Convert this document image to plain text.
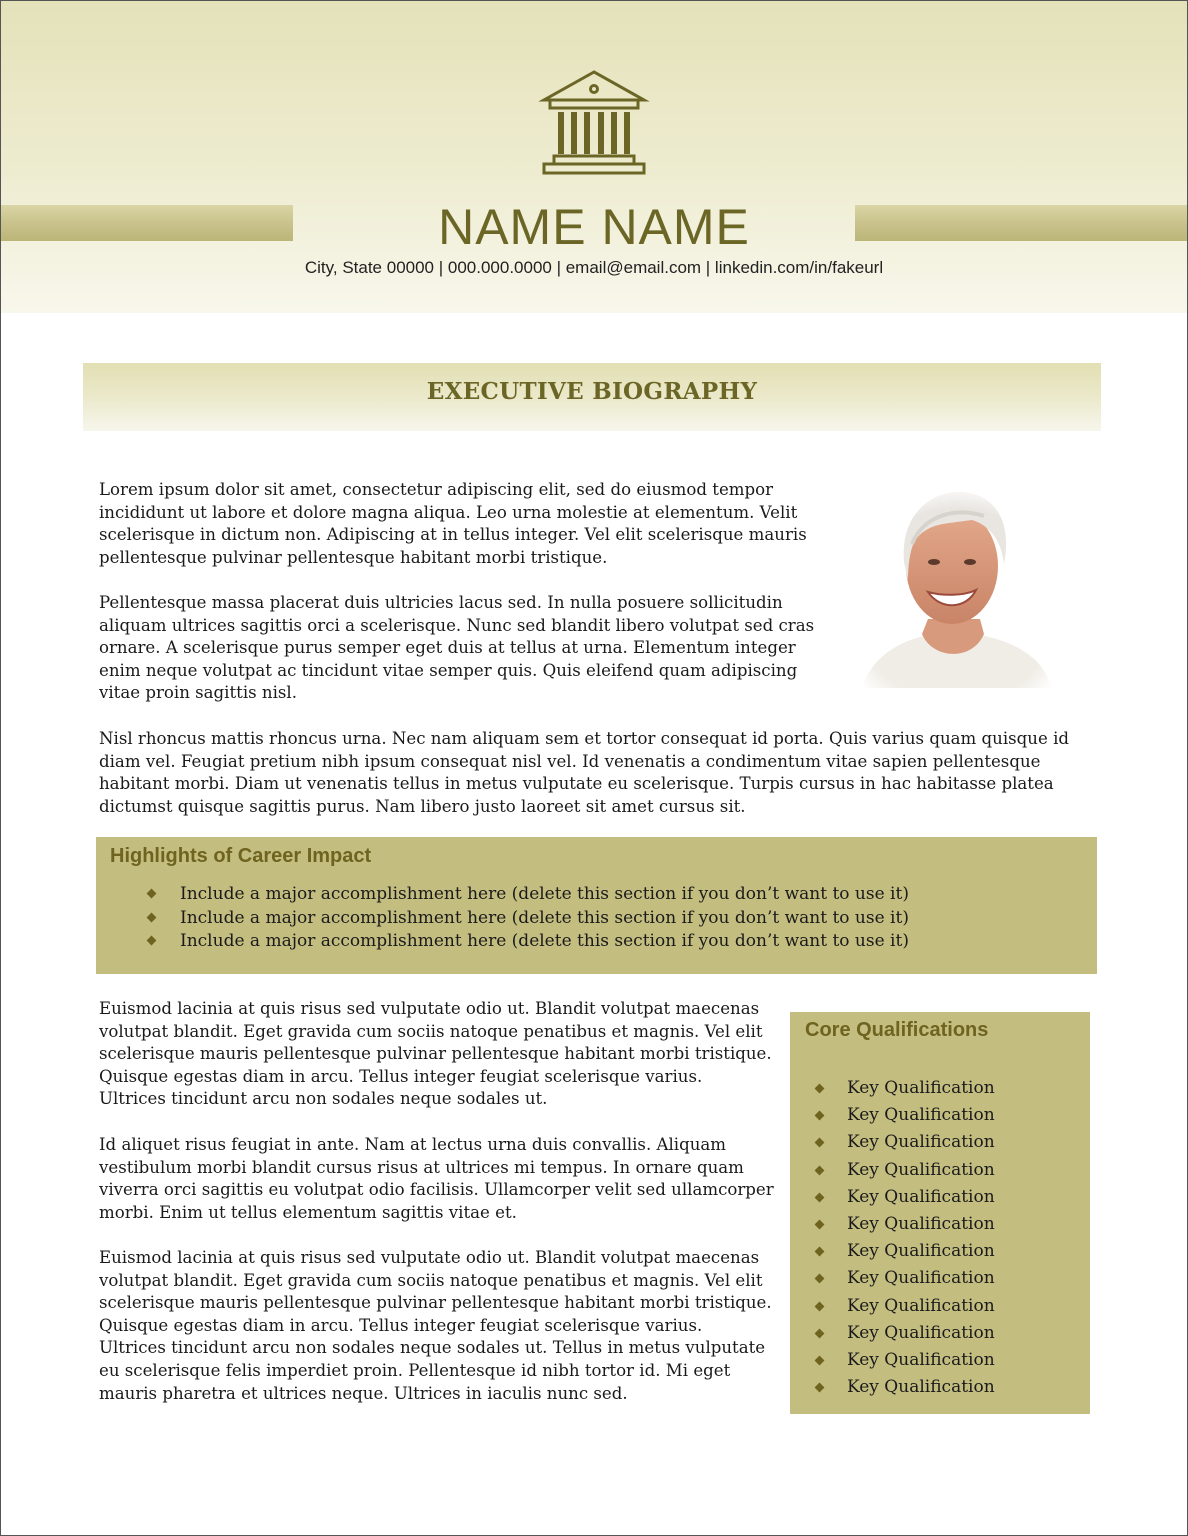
NAME NAME
City, State 00000 | 000.000.0000 | email@email.com | linkedin.com/in/fakeurl
EXECUTIVE BIOGRAPHY

Lorem ipsum dolor sit amet, consectetur adipiscing elit, sed do eiusmod tempor incididunt ut labore et dolore magna aliqua. Leo urna molestie at elementum. Velit scelerisque in dictum non. Adipiscing at in tellus integer. Vel elit scelerisque mauris pellentesque pulvinar pellentesque habitant morbi tristique.

Pellentesque massa placerat duis ultricies lacus sed. In nulla posuere sollicitudin aliquam ultrices sagittis orci a scelerisque. Nunc sed blandit libero volutpat sed cras ornare. A scelerisque purus semper eget duis at tellus at urna. Elementum integer enim neque volutpat ac tincidunt vitae semper quis. Quis eleifend quam adipiscing vitae proin sagittis nisl.

Nisl rhoncus mattis rhoncus urna. Nec nam aliquam sem et tortor consequat id porta. Quis varius quam quisque id diam vel. Feugiat pretium nibh ipsum consequat nisl vel. Id venenatis a condimentum vitae sapien pellentesque habitant morbi. Diam ut venenatis tellus in metus vulputate eu scelerisque. Turpis cursus in hac habitasse platea dictumst quisque sagittis purus. Nam libero justo laoreet sit amet cursus sit.

Highlights of Career Impact
Include a major accomplishment here (delete this section if you don’t want to use it)
Include a major accomplishment here (delete this section if you don’t want to use it)
Include a major accomplishment here (delete this section if you don’t want to use it)

Euismod lacinia at quis risus sed vulputate odio ut. Blandit volutpat maecenas volutpat blandit. Eget gravida cum sociis natoque penatibus et magnis. Vel elit scelerisque mauris pellentesque pulvinar pellentesque habitant morbi tristique. Quisque egestas diam in arcu. Tellus integer feugiat scelerisque varius. Ultrices tincidunt arcu non sodales neque sodales ut.

Id aliquet risus feugiat in ante. Nam at lectus urna duis convallis. Aliquam vestibulum morbi blandit cursus risus at ultrices mi tempus. In ornare quam viverra orci sagittis eu volutpat odio facilisis. Ullamcorper velit sed ullamcorper morbi. Enim ut tellus elementum sagittis vitae et.

Euismod lacinia at quis risus sed vulputate odio ut. Blandit volutpat maecenas volutpat blandit. Eget gravida cum sociis natoque penatibus et magnis. Vel elit scelerisque mauris pellentesque pulvinar pellentesque habitant morbi tristique. Quisque egestas diam in arcu. Tellus integer feugiat scelerisque varius. Ultrices tincidunt arcu non sodales neque sodales ut. Tellus in metus vulputate eu scelerisque felis imperdiet proin. Pellentesque id nibh tortor id. Mi eget mauris pharetra et ultrices neque. Ultrices in iaculis nunc sed.

Core Qualifications
Key Qualification
Key Qualification
Key Qualification
Key Qualification
Key Qualification
Key Qualification
Key Qualification
Key Qualification
Key Qualification
Key Qualification
Key Qualification
Key Qualification
